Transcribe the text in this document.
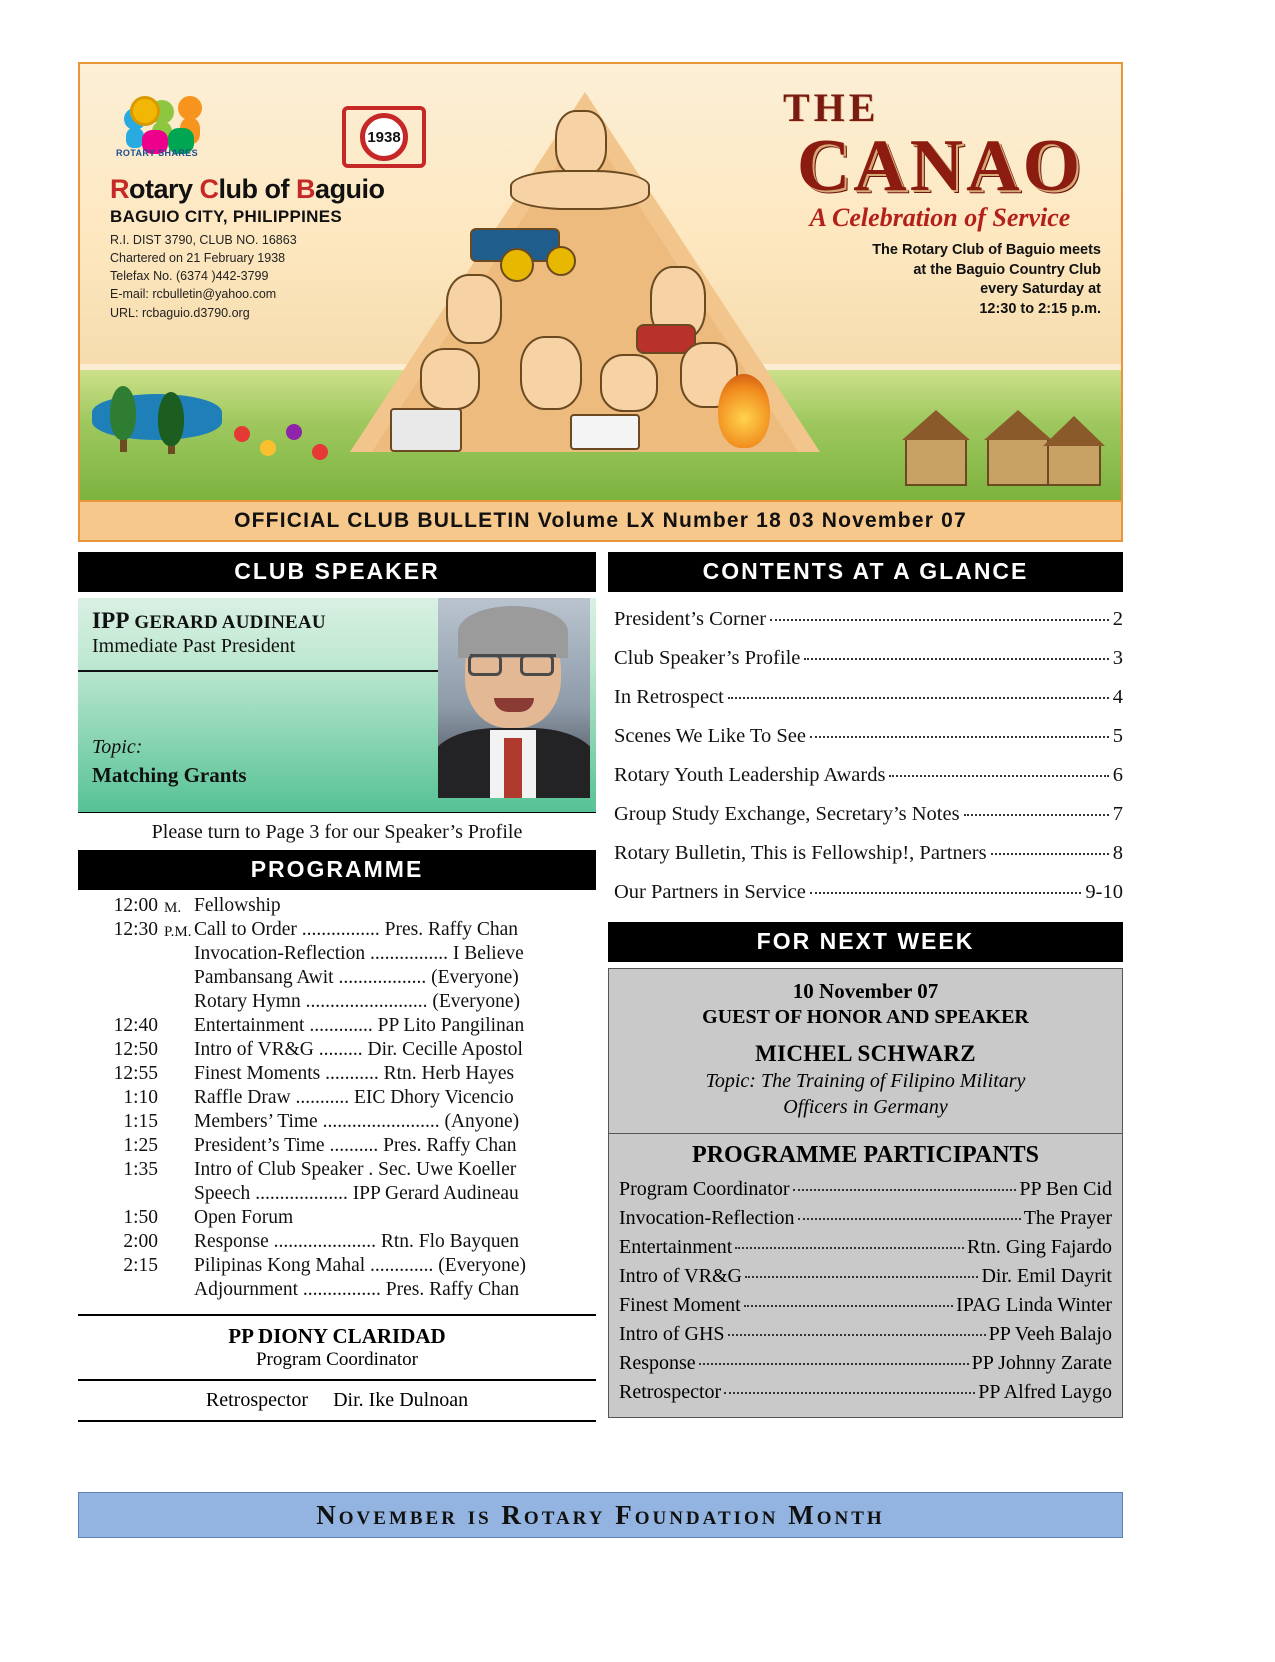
ROTARY SHARES
1938
Rotary Club of Baguio
BAGUIO CITY, PHILIPPINES
R.I. DIST 3790, CLUB NO. 16863
Chartered on 21 February 1938
Telefax No. (6374 )442-3799
E-mail: rcbulletin@yahoo.com
URL: rcbaguio.d3790.org
THE
CANAO
A Celebration of Service
The Rotary Club of Baguio meets
at the Baguio Country Club
every Saturday at
12:30 to 2:15 p.m.
OFFICIAL CLUB BULLETIN Volume LX Number 18 03 November 07
CLUB SPEAKER
IPP GERARD AUDINEAU
Immediate Past President
Topic:
Matching Grants
Please turn to Page 3 for our Speaker’s Profile
PROGRAMME
12:00	M.	Fellowship
12:30	P.M.	Call to Order ................ Pres. Raffy Chan
		Invocation-Reflection ................ I Believe
		Pambansang Awit .................. (Everyone)
		Rotary Hymn ......................... (Everyone)
12:40		Entertainment ............. PP Lito Pangilinan
12:50		Intro of VR&G ......... Dir. Cecille Apostol
12:55		Finest Moments ........... Rtn. Herb Hayes
1:10		Raffle Draw ........... EIC Dhory Vicencio
1:15		Members’ Time ........................ (Anyone)
1:25		President’s Time .......... Pres. Raffy Chan
1:35		Intro of Club Speaker . Sec. Uwe Koeller
		Speech ................... IPP Gerard Audineau
1:50		Open Forum
2:00		Response ..................... Rtn. Flo Bayquen
2:15		Pilipinas Kong Mahal ............. (Everyone)
		Adjournment ................ Pres. Raffy Chan
PP DIONY CLARIDAD
Program Coordinator
Retrospector Dir. Ike Dulnoan
CONTENTS AT A GLANCE
President’s Corner	2
Club Speaker’s Profile	3
In Retrospect	4
Scenes We Like To See	5
Rotary Youth Leadership Awards	6
Group Study Exchange, Secretary’s Notes	7
Rotary Bulletin, This is Fellowship!, Partners	8
Our Partners in Service	9-10
FOR NEXT WEEK
10 November 07
GUEST OF HONOR AND SPEAKER
MICHEL SCHWARZ
Topic: The Training of Filipino Military
Officers in Germany
PROGRAMME PARTICIPANTS
Program Coordinator	PP Ben Cid
Invocation-Reflection	The Prayer
Entertainment	Rtn. Ging Fajardo
Intro of VR&G	Dir. Emil Dayrit
Finest Moment	IPAG Linda Winter
Intro of GHS	PP Veeh Balajo
Response	PP Johnny Zarate
Retrospector	PP Alfred Laygo
November is Rotary Foundation Month
